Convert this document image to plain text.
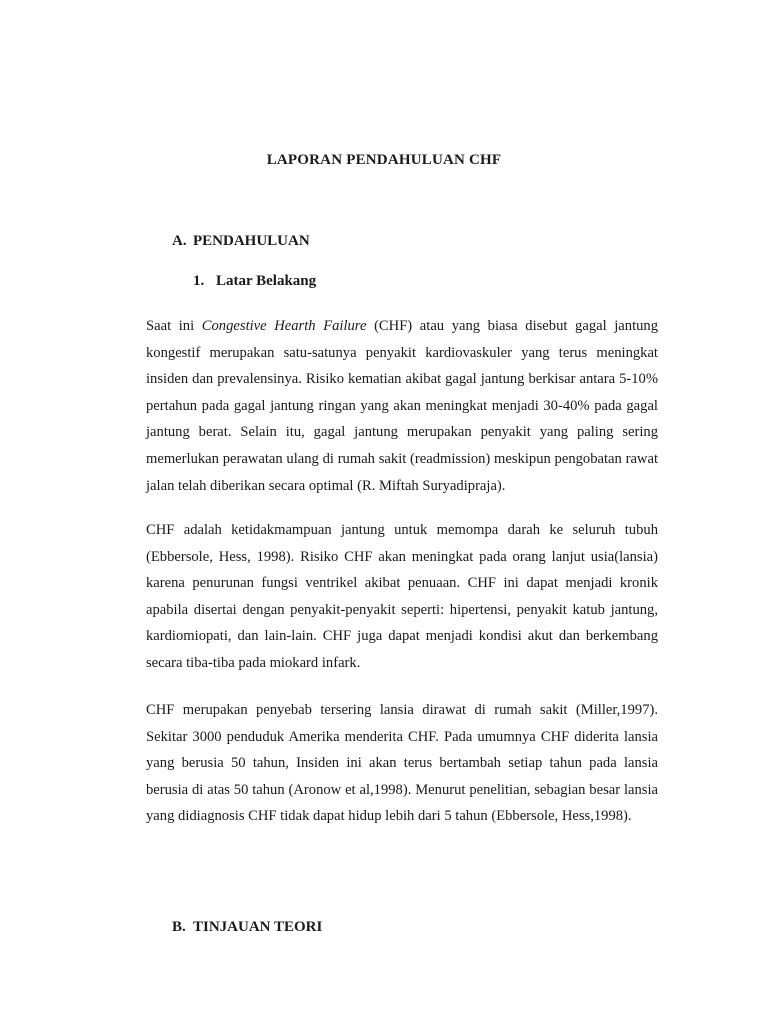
LAPORAN PENDAHULUAN CHF
A. PENDAHULUAN
1. Latar Belakang

Saat ini Congestive Hearth Failure (CHF) atau yang biasa disebut gagal jantung kongestif merupakan satu-satunya penyakit kardiovaskuler yang terus meningkat insiden dan prevalensinya. Risiko kematian akibat gagal jantung berkisar antara 5-10% pertahun pada gagal jantung ringan yang akan meningkat menjadi 30-40% pada gagal jantung berat. Selain itu, gagal jantung merupakan penyakit yang paling sering memerlukan perawatan ulang di rumah sakit (readmission) meskipun pengobatan rawat jalan telah diberikan secara optimal (R. Miftah Suryadipraja).

CHF adalah ketidakmampuan jantung untuk memompa darah ke seluruh tubuh (Ebbersole, Hess, 1998). Risiko CHF akan meningkat pada orang lanjut usia(lansia) karena penurunan fungsi ventrikel akibat penuaan. CHF ini dapat menjadi kronik apabila disertai dengan penyakit-penyakit seperti: hipertensi, penyakit katub jantung, kardiomiopati, dan lain-lain. CHF juga dapat menjadi kondisi akut dan berkembang secara tiba-tiba pada miokard infark.

CHF merupakan penyebab tersering lansia dirawat di rumah sakit (Miller,1997). Sekitar 3000 penduduk Amerika menderita CHF. Pada umumnya CHF diderita lansia yang berusia 50 tahun, Insiden ini akan terus bertambah setiap tahun pada lansia berusia di atas 50 tahun (Aronow et al,1998). Menurut penelitian, sebagian besar lansia yang didiagnosis CHF tidak dapat hidup lebih dari 5 tahun (Ebbersole, Hess,1998).

B. TINJAUAN TEORI
